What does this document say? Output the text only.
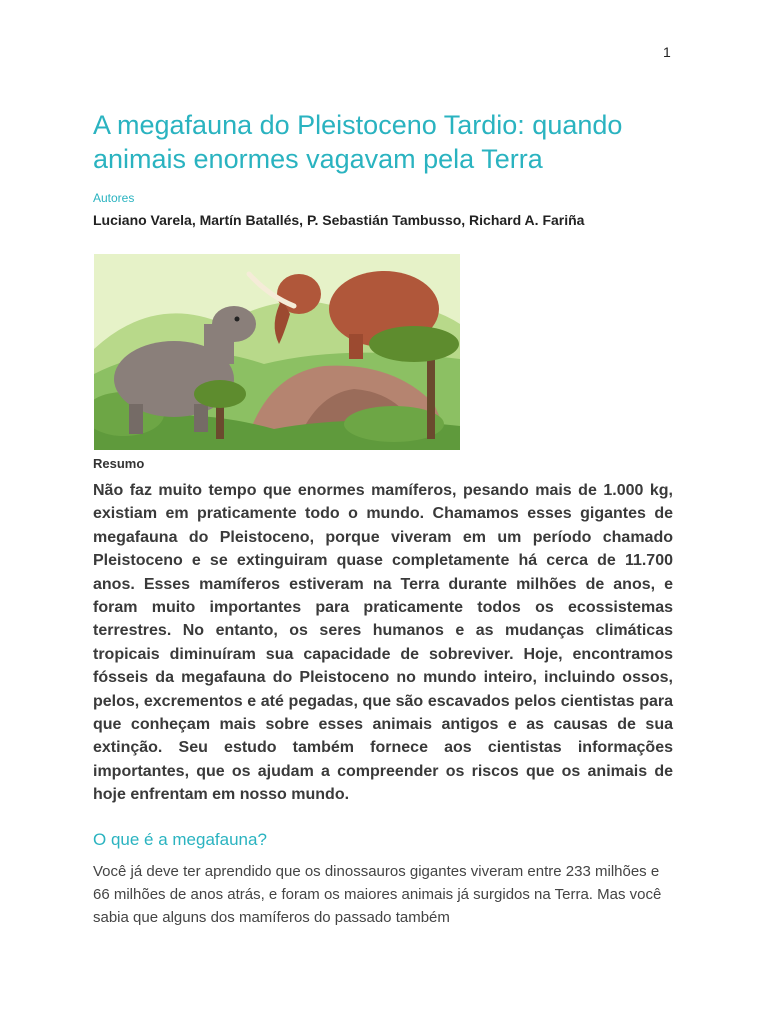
1
A megafauna do Pleistoceno Tardio: quando animais enormes vagavam pela Terra
Autores
Luciano Varela, Martín Batallés, P. Sebastián Tambusso, Richard A. Fariña
Resumo

Não faz muito tempo que enormes mamíferos, pesando mais de 1.000 kg, existiam em praticamente todo o mundo. Chamamos esses gigantes de megafauna do Pleistoceno, porque viveram em um período chamado Pleistoceno e se extinguiram quase completamente há cerca de 11.700 anos. Esses mamíferos estiveram na Terra durante milhões de anos, e foram muito importantes para praticamente todos os ecossistemas terrestres. No entanto, os seres humanos e as mudanças climáticas tropicais diminuíram sua capacidade de sobreviver. Hoje, encontramos fósseis da megafauna do Pleistoceno no mundo inteiro, incluindo ossos, pelos, excrementos e até pegadas, que são escavados pelos cientistas para que conheçam mais sobre esses animais antigos e as causas de sua extinção. Seu estudo também fornece aos cientistas informações importantes, que os ajudam a compreender os riscos que os animais de hoje enfrentam em nosso mundo.

O que é a megafauna?

Você já deve ter aprendido que os dinossauros gigantes viveram entre 233 milhões e 66 milhões de anos atrás, e foram os maiores animais já surgidos na Terra. Mas você sabia que alguns dos mamíferos do passado também
